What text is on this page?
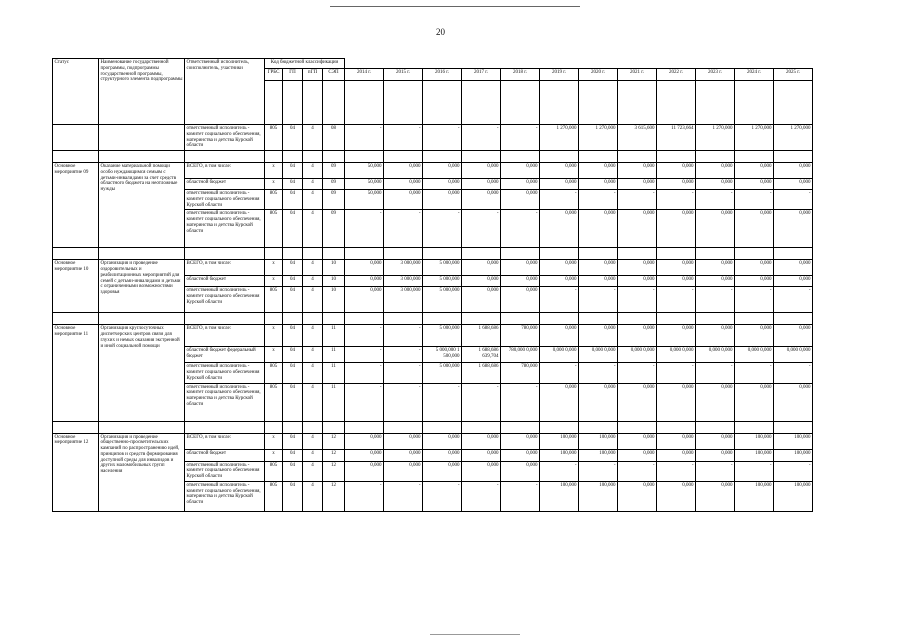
20
Статус	Наименование государственной программы, подпрограммы государственной программы, структурного элемента подпрограммы	Ответственный исполнитель, соисполнитель, участники	Код бюджетной классификации															
			ГРБС	ГП	пГП	СЭП	2014 г.	2015 г.	2016 г.	2017 г.	2018 г.	2019 г.	2020 г.	2021 г.	2022 г.	2023 г.	2024 г.	2025 г.

		ответственный исполнитель - комитет социального обеспечения, материнства и детства Курской области	805	04	4	08	-	-	-	-	-	1 270,000	1 270,000	3 615,600	11 723,664	1 270,000	1 270,000	1 270,000

Основное мероприятие 09	Оказание материальной помощи особо нуждающимся семьям с детьми-инвалидами за счет средств областного бюджета на неотложные нужды	ВСЕГО, в том числе:	х	04	4	09	50,000	0,000	0,000	0,000	0,000	0,000	0,000	0,000	0,000	0,000	0,000	0,000
		областной бюджет	х	04	4	09	50,000	0,000	0,000	0,000	0,000	0,000	0,000	0,000	0,000	0,000	0,000	0,000
		ответственный исполнитель - комитет социального обеспечения Курской области	805	04	4	09	50,000	0,000	0,000	0,000	0,000	-	-	-	-	-	-	-
		ответственный исполнитель - комитет социального обеспечения, материнства и детства Курской области	805	04	4	09	-	-	-	-	-	0,000	0,000	0,000	0,000	0,000	0,000	0,000

Основное мероприятие 10	Организация и проведение оздоровительных и реабилитационных мероприятий для семей с детьми-инвалидами и детьми с ограниченными возможностями здоровья	ВСЕГО, в том числе:	х	04	4	10	0,000	3 000,000	5 000,000	0,000	0,000	0,000	0,000	0,000	0,000	0,000	0,000	0,000
		областной бюджет	х	04	4	10	0,000	3 000,000	5 000,000	0,000	0,000	0,000	0,000	0,000	0,000	0,000	0,000	0,000
		ответственный исполнитель - комитет социального обеспечения Курской области	805	04	4	10	0,000	3 000,000	5 000,000	0,000	0,000	-	-	-	-	-	-	-

Основное мероприятие 11	Организация круглосуточных диспетчерских центров связи для глухих и немых оказания экстренной и иной социальной помощи	ВСЕГО, в том числе:	х	04	4	11	-	-	5 000,000	1 688,686	780,000	0,000	0,000	0,000	0,000	0,000	0,000	0,000
		областной бюджет федеральный бюджет	х	04	4	11	-	-	5 000,000 1 500,000	1 688,686 639,704	780,000 0,000	0,000 0,000	0,000 0,000	0,000 0,000	0,000 0,000	0,000 0,000	0,000 0,000	0,000 0,000
		ответственный исполнитель - комитет социального обеспечения Курской области	805	04	4	11	-	-	5 000,000	1 688,686	780,000	-	-	-	-	-	-	-
		ответственный исполнитель - комитет социального обеспечения, материнства и детства Курской области	805	04	4	11	-	-	-	-	-	0,000	0,000	0,000	0,000	0,000	0,000	0,000

Основное мероприятие 12	Организация и проведение общественно-просветительских кампаний по распространению идей, принципов и средств формирования доступной среды для инвалидов и других маломобильных групп населения	ВСЕГО, в том числе:	х	04	4	12	0,000	0,000	0,000	0,000	0,000	100,000	100,000	0,000	0,000	0,000	100,000	100,000
		областной бюджет	х	04	4	12	0,000	0,000	0,000	0,000	0,000	100,000	100,000	0,000	0,000	0,000	100,000	100,000
		ответственный исполнитель - комитет социального обеспечения Курской области	805	04	4	12	0,000	0,000	0,000	0,000	0,000	-	-	-	-	-	-	-
		ответственный исполнитель - комитет социального обеспечения, материнства и детства Курской области	805	04	4	12	-	-	-	-	-	100,000	100,000	0,000	0,000	0,000	100,000	100,000
